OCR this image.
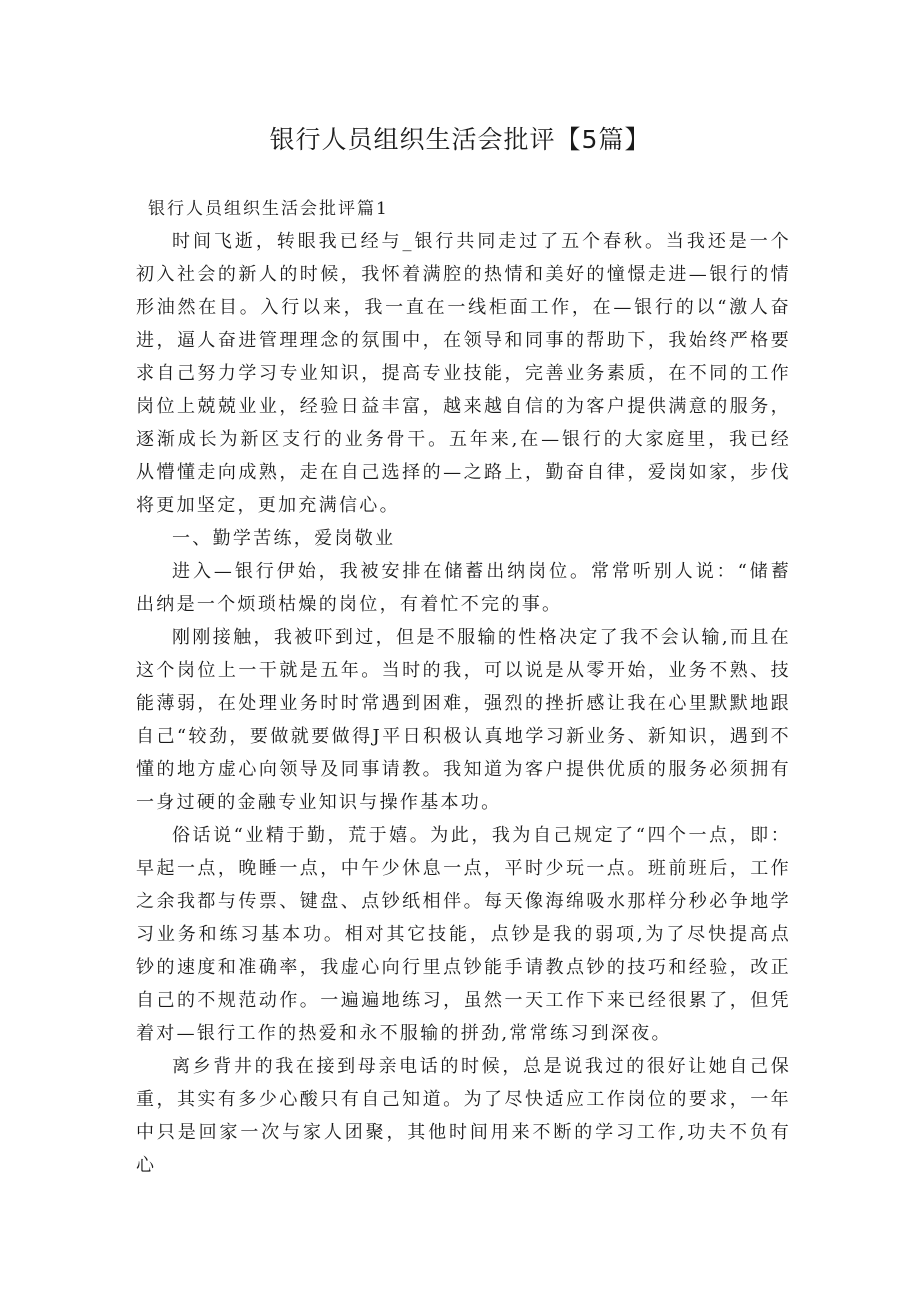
银行人员组织生活会批评【5篇】
银行人员组织生活会批评篇1

时间飞逝，转眼我已经与_银行共同走过了五个春秋。当我还是一个初入社会的新人的时候，我怀着满腔的热情和美好的憧憬走进—银行的情形油然在目。入行以来，我一直在一线柜面工作，在—银行的以“激人奋进，逼人奋进管理理念的氛围中，在领导和同事的帮助下，我始终严格要求自己努力学习专业知识，提高专业技能，完善业务素质，在不同的工作岗位上兢兢业业，经验日益丰富，越来越自信的为客户提供满意的服务，逐渐成长为新区支行的业务骨干。五年来,在—银行的大家庭里，我已经从懵懂走向成熟，走在自己选择的—之路上，勤奋自律，爱岗如家，步伐将更加坚定，更加充满信心。

一、勤学苦练，爱岗敬业

进入—银行伊始，我被安排在储蓄出纳岗位。常常听别人说：“储蓄出纳是一个烦琐枯燥的岗位，有着忙不完的事。

刚刚接触，我被吓到过，但是不服输的性格决定了我不会认输,而且在这个岗位上一干就是五年。当时的我，可以说是从零开始，业务不熟、技能薄弱，在处理业务时时常遇到困难，强烈的挫折感让我在心里默默地跟自己“较劲，要做就要做得J平日积极认真地学习新业务、新知识，遇到不懂的地方虚心向领导及同事请教。我知道为客户提供优质的服务必须拥有一身过硬的金融专业知识与操作基本功。

俗话说“业精于勤，荒于嬉。为此，我为自己规定了“四个一点，即：早起一点，晚睡一点，中午少休息一点，平时少玩一点。班前班后，工作之余我都与传票、键盘、点钞纸相伴。每天像海绵吸水那样分秒必争地学习业务和练习基本功。相对其它技能，点钞是我的弱项,为了尽快提高点钞的速度和准确率，我虚心向行里点钞能手请教点钞的技巧和经验，改正自己的不规范动作。一遍遍地练习，虽然一天工作下来已经很累了，但凭着对—银行工作的热爱和永不服输的拼劲,常常练习到深夜。

离乡背井的我在接到母亲电话的时候，总是说我过的很好让她自己保重，其实有多少心酸只有自己知道。为了尽快适应工作岗位的要求，一年中只是回家一次与家人团聚，其他时间用来不断的学习工作,功夫不负有心
